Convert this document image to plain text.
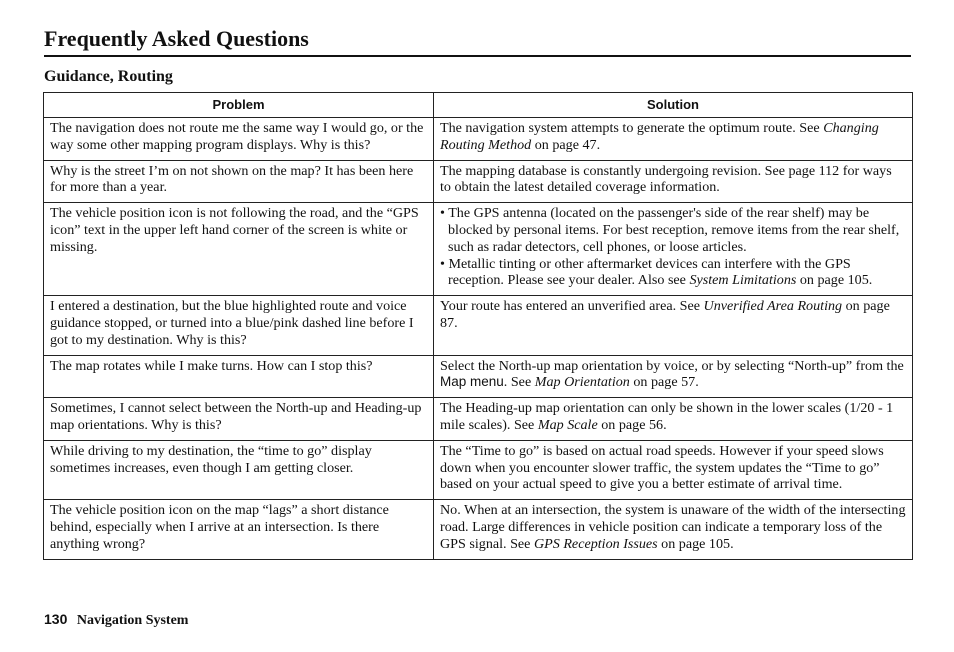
Frequently Asked Questions
Guidance, Routing
Problem	Solution
The navigation does not route me the same way I would go, or the way some other mapping program displays. Why is this?	The navigation system attempts to generate the optimum route. See Changing Routing Method on page 47.
Why is the street I’m on not shown on the map? It has been here for more than a year.	The mapping database is constantly undergoing revision. See page 112 for ways to obtain the latest detailed coverage information.
The vehicle position icon is not following the road, and the “GPS icon” text in the upper left hand corner of the screen is white or missing.	• The GPS antenna (located on the passenger's side of the rear shelf) may be blocked by personal items. For best reception, remove items from the rear shelf, such as radar detectors, cell phones, or loose articles.
• Metallic tinting or other aftermarket devices can interfere with the GPS reception. Please see your dealer. Also see System Limitations on page 105.

I entered a destination, but the blue highlighted route and voice guidance stopped, or turned into a blue/pink dashed line before I got to my destination. Why is this?	Your route has entered an unverified area. See Unverified Area Routing on page 87.
The map rotates while I make turns. How can I stop this?	Select the North-up map orientation by voice, or by selecting “North-up” from the Map menu. See Map Orientation on page 57.
Sometimes, I cannot select between the North-up and Heading-up map orientations. Why is this?	The Heading-up map orientation can only be shown in the lower scales (1/20 - 1 mile scales). See Map Scale on page 56.
While driving to my destination, the “time to go” display sometimes increases, even though I am getting closer.	The “Time to go” is based on actual road speeds. However if your speed slows down when you encounter slower traffic, the system updates the “Time to go” based on your actual speed to give you a better estimate of arrival time.
The vehicle position icon on the map “lags” a short distance behind, especially when I arrive at an intersection. Is there anything wrong?	No. When at an intersection, the system is unaware of the width of the intersecting road. Large differences in vehicle position can indicate a temporary loss of the GPS signal. See GPS Reception Issues on page 105.
130 Navigation System
